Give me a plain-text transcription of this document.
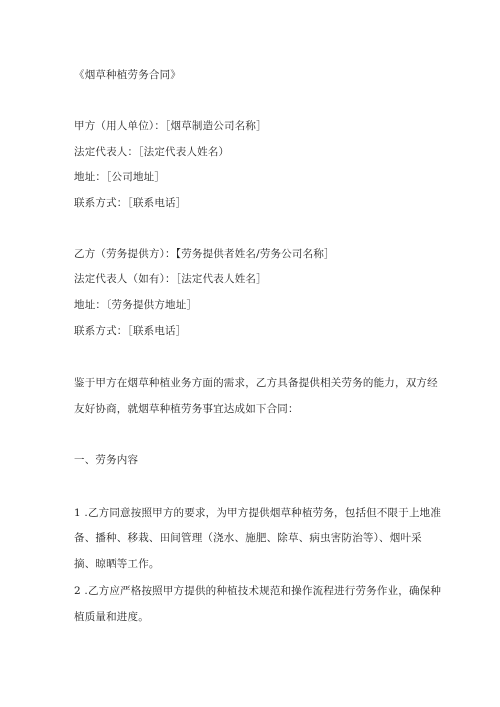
《烟草种植劳务合同》
甲方（用人单位）：［烟草制造公司名称］
法定代表人：［法定代表人姓名）
地址：［公司地址］
联系方式：［联系电话］
乙方（劳务提供方）：【劳务提供者姓名/劳务公司名称］
法定代表人（如有）：［法定代表人姓名］
地址：〔劳务提供方地址］
联系方式：［联系电话］
鉴于甲方在烟草种植业务方面的需求，乙方具备提供相关劳务的能力，双方经
友好协商，就烟草种植劳务事宜达成如下合同：
一、劳务内容
1 .乙方同意按照甲方的要求，为甲方提供烟草种植劳务，包括但不限于上地准
备、播种、移栽、田间管理（浇水、施肥、除草、病虫害防治等）、烟叶采
摘、晾晒等工作。
2 .乙方应严格按照甲方提供的种植技术规范和操作流程进行劳务作业，确保种
植质量和进度。
